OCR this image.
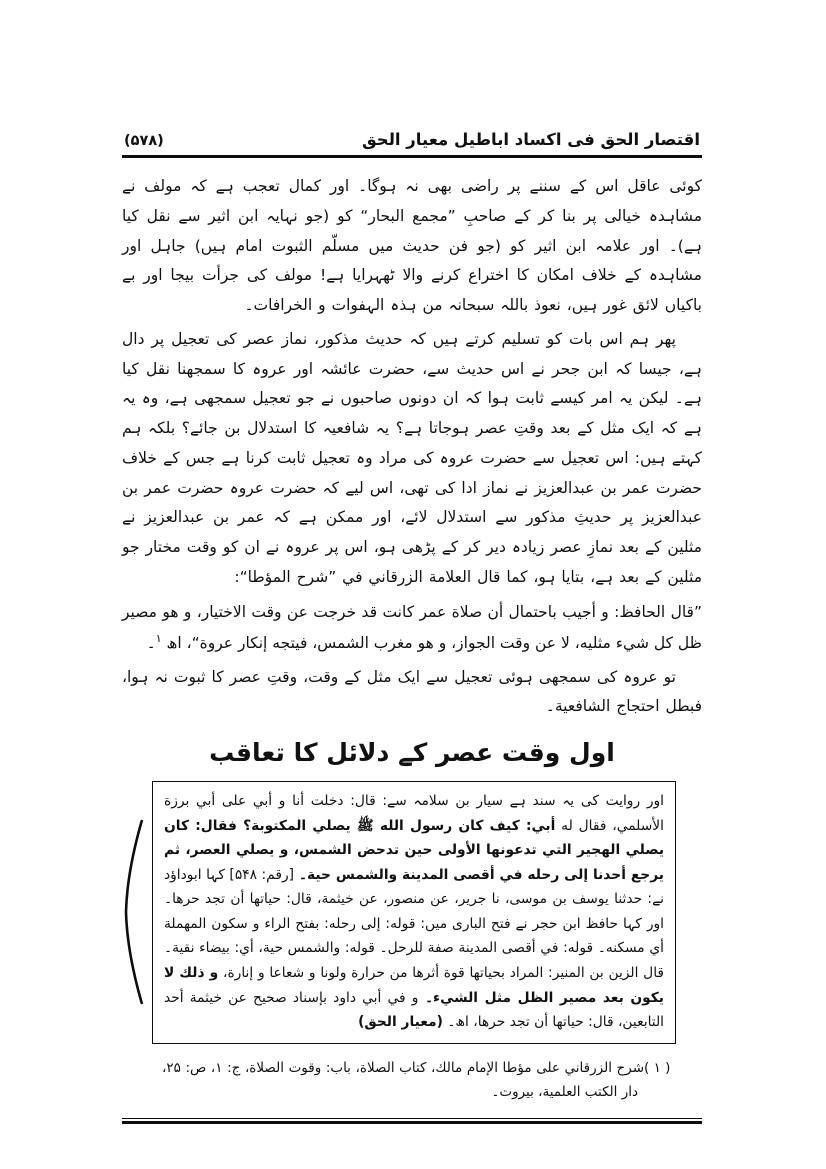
اقتصار الحق فی اکساد اباطیل معیار الحق
(۵۷۸)

کوئی عاقل اس کے سننے پر راضی بھی نہ ہوگا۔ اور کمال تعجب ہے کہ مولف نے مشاہدہ خیالی پر بنا کر کے صاحبِ ”مجمع البحار“ کو (جو نہایہ ابن اثیر سے نقل کیا ہے)۔ اور علامہ ابن اثیر کو (جو فن حدیث میں مسلّم الثبوت امام ہیں) جاہل اور مشاہدہ کے خلاف امکان کا اختراع کرنے والا ٹھہرایا ہے! مولف کی جرأت بیجا اور بے باکیاں لائق غور ہیں، نعوذ باللہ سبحانہ من ہذہ الہفوات و الخرافات۔

پھر ہم اس بات کو تسلیم کرتے ہیں کہ حدیث مذکور، نماز عصر کی تعجیل پر دال ہے، جیسا کہ ابن جحر نے اس حدیث سے، حضرت عائشہ اور عروہ کا سمجھنا نقل کیا ہے۔ لیکن یہ امر کیسے ثابت ہوا کہ ان دونوں صاحبوں نے جو تعجیل سمجھی ہے، وہ یہ ہے کہ ایک مثل کے بعد وقتِ عصر ہوجاتا ہے؟ یہ شافعیہ کا استدلال بن جائے؟ بلکہ ہم کہتے ہیں: اس تعجیل سے حضرت عروہ کی مراد وہ تعجیل ثابت کرنا ہے جس کے خلاف حضرت عمر بن عبدالعزیز نے نماز ادا کی تھی، اس لیے کہ حضرت عروہ حضرت عمر بن عبدالعزیز پر حدیثِ مذکور سے استدلال لائے، اور ممکن ہے کہ عمر بن عبدالعزیز نے مثلین کے بعد نمازِ عصر زیادہ دیر کر کے پڑھی ہو، اس پر عروہ نے ان کو وقت مختار جو مثلین کے بعد ہے، بتایا ہو، کما قال العلامة الزرقاني في ”شرح المؤطا“:

”قال الحافظ: و أجيب باحتمال أن صلاة عمر كانت قد خرجت عن وقت الاختيار، و هو مصير ظل كل شيء مثليه، لا عن وقت الجواز، و هو مغرب الشمس، فيتجه إنكار عروة“، اھ $^۱$۔

تو عروہ کی سمجھی ہوئی تعجیل سے ایک مثل کے وقت، وقتِ عصر کا ثبوت نہ ہوا، فبطل احتجاج الشافعیة۔

اول وقت عصر کے دلائل کا تعاقب
اور روایت کی یہ سند ہے سیار بن سلامہ سے: قال: دخلت أنا و أبي على أبي برزة الأسلمي، فقال له أبي: كيف كان رسول الله ﷺ يصلي المكتوبة؟ فقال: كان يصلي الهجير التي تدعونها الأولى حين تدحض الشمس، و يصلي العصر، ثم يرجع أحدنا إلى رحله في أقصى المدينة والشمس حية۔ [رقم: ۵۴۸] كہا ابوداؤد نے: حدثنا يوسف بن موسى، نا جرير، عن منصور، عن خيثمة، قال: حياتها أن تجد حرها۔ اور كہا حافظ ابن حجر نے فتح الباری میں: قوله: إلى رحله: بفتح الراء و سكون المهملة أي مسكنه۔ قوله: في أقصى المدينة صفة للرحل۔ قوله: والشمس حية، أي: بيضاء نقية۔ قال الزين بن المنير: المراد بحياتها قوة أثرها من حرارة ولونا و شعاعا و إنارة، و ذلك لا يكون بعد مصير الظل مثل الشيء۔ و في أبي داود بإسناد صحيح عن خيثمة أحد التابعين، قال: حياتها أن تجد حرها، اھ۔ (معیار الحق)
( ۱ )شرح الزرقاني على مؤطا الإمام مالك، كتاب الصلاة، باب: وقوت الصلاة، ج: ۱، ص: ۲۵، دار الكتب العلمية، بيروت۔
